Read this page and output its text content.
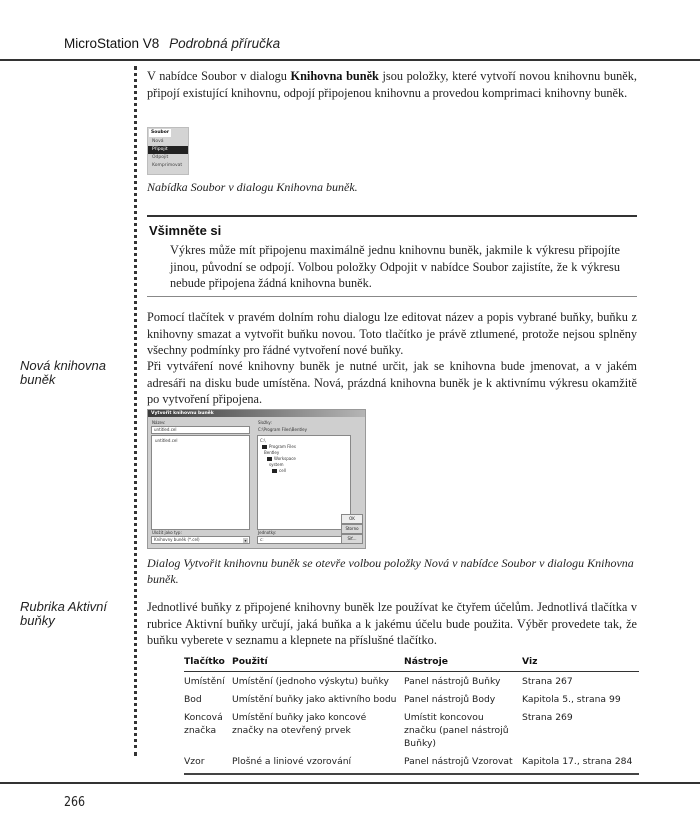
MicroStation V8 Podrobná příručka
V nabídce Soubor v dialogu Knihovna buněk jsou položky, které vytvoří novou knihovnu buněk, připojí existující knihovnu, odpojí připojenou knihovnu a provedou komprimaci knihovny buněk.
Soubor
Nová
Připojit
Odpojit
Komprimovat
Nabídka Soubor v dialogu Knihovna buněk.
Všimněte si
Výkres může mít připojenu maximálně jednu knihovnu buněk, jakmile k výkresu připojíte jinou, původní se odpojí. Volbou položky Odpojit v nabídce Soubor zajistíte, že k výkresu nebude připojena žádná knihovna buněk.
Pomocí tlačítek v pravém dolním rohu dialogu lze editovat název a popis vybrané buňky, buňku z knihovny smazat a vytvořit buňku novou. Toto tlačítko je právě ztlumené, protože nejsou splněny všechny podmínky pro řádné vytvoření nové buňky.
Nová knihovna buněk
Při vytváření nové knihovny buněk je nutné určit, jak se knihovna bude jmenovat, a v jakém adresáři na disku bude umístěna. Nová, prázdná knihovna buněk je k aktivnímu výkresu okamžitě po vytvoření připojena.
Vytvořit knihovnu buněk
Název:
untitled.cel
untitled.cel
Uložit jako typ:
Knihovny buněk (*.cel)	▾
Složky:
C:\Program Files\Bentley
C:\
Program Files
Bentley
Workspace
system
cell
Jednotky:
c:
OK
Storno
Síť...
Dialog Vytvořit knihovnu buněk se otevře volbou položky Nová v nabídce Soubor v dialogu Knihovna buněk.
Rubrika Aktivní buňky
Jednotlivé buňky z připojené knihovny buněk lze používat ke čtyřem účelům. Jednotlivá tlačítka v rubrice Aktivní buňky určují, jaká buňka a k jakému účelu bude použita. Výběr provedete tak, že buňku vyberete v seznamu a klepnete na příslušné tlačítko.
Tlačítko	Použití	Nástroje	Viz
Umístění	Umístění (jednoho výskytu) buňky	Panel nástrojů Buňky	Strana 267
Bod	Umístění buňky jako aktivního bodu	Panel nástrojů Body	Kapitola 5., strana 99
Koncová značka	Umístění buňky jako koncové značky na otevřený prvek	Umístit koncovou značku (panel nástrojů Buňky)	Strana 269
Vzor	Plošné a liniové vzorování	Panel nástrojů Vzorovat	Kapitola 17., strana 284
266
